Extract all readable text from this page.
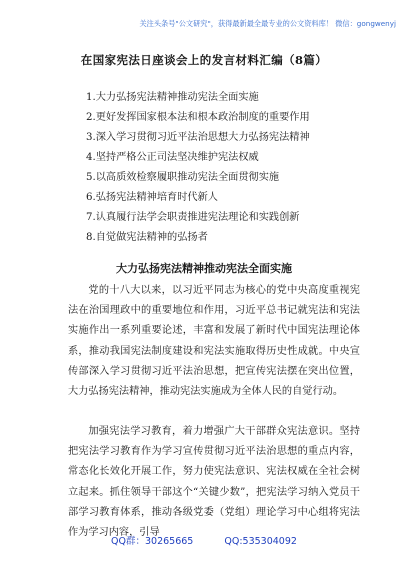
关注头条号"公文研究"，获得最新最全最专业的公文资料库！ 微信：gongwenyj
在国家宪法日座谈会上的发言材料汇编（8篇）
1.大力弘扬宪法精神推动宪法全面实施
2.更好发挥国家根本法和根本政治制度的重要作用
3.深入学习贯彻习近平法治思想大力弘扬宪法精神
4.坚持严格公正司法坚决维护宪法权威
5.以高质效检察履职推动宪法全面贯彻实施
6.弘扬宪法精神培育时代新人
7.认真履行法学会职责推进宪法理论和实践创新
8.自觉做宪法精神的弘扬者
大力弘扬宪法精神推动宪法全面实施

党的十八大以来，以习近平同志为核心的党中央高度重视宪法在治国理政中的重要地位和作用，习近平总书记就宪法和宪法实施作出一系列重要论述，丰富和发展了新时代中国宪法理论体系，推动我国宪法制度建设和宪法实施取得历史性成就。中央宣传部深入学习贯彻习近平法治思想，把宣传宪法摆在突出位置，大力弘扬宪法精神，推动宪法实施成为全体人民的自觉行动。

加强宪法学习教育，着力增强广大干部群众宪法意识。坚持把宪法学习教育作为学习宣传贯彻习近平法治思想的重点内容，常态化长效化开展工作，努力使宪法意识、宪法权威在全社会树立起来。抓住领导干部这个“关键少数”，把宪法学习纳入党员干部学习教育体系，推动各级党委（党组）理论学习中心组将宪法作为学习内容，引导

QQ群：30265665	QQ:535304092
